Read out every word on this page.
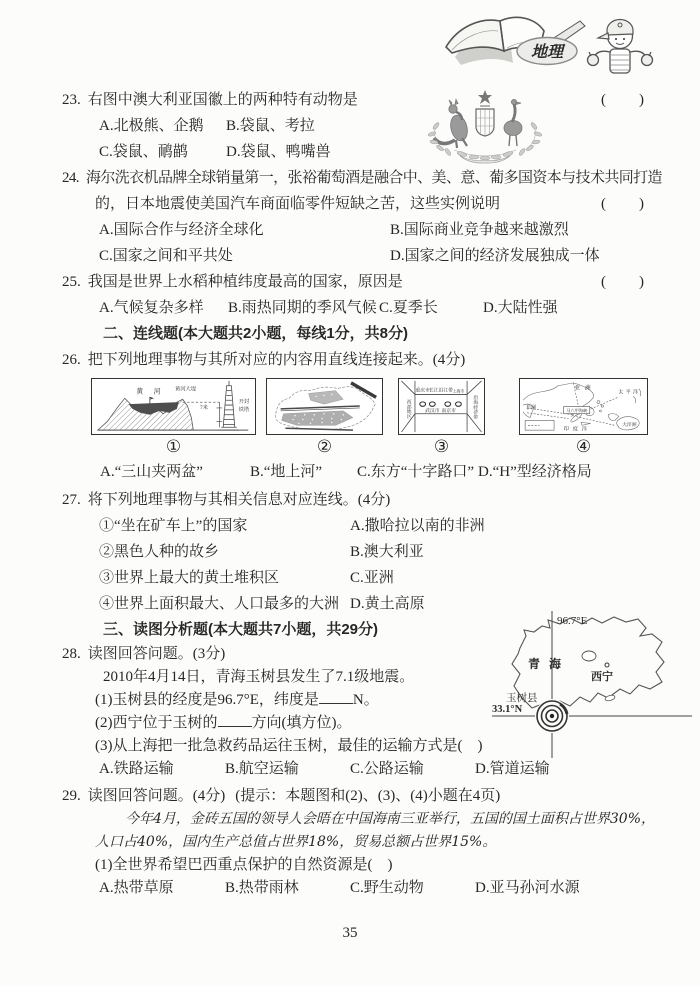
地理
23. 右图中澳大利亚国徽上的两种特有动物是	(　　)
A.北极熊、企鹅 B.袋鼠、考拉
C.袋鼠、鸸鹋	D.袋鼠、鸭嘴兽
24. 海尔洗衣机品牌全球销量第一，张裕葡萄酒是融合中、美、意、葡多国资本与技术共同打造
的，日本地震使美国汽车商面临零件短缺之苦，这些实例说明	(　　)
A.国际合作与经济全球化	B.国际商业竞争越来越激烈
C.国家之间和平共处	D.国家之间的经济发展独成一体
25. 我国是世界上水稻种植纬度最高的国家，原因是	(　　)
A.气候复杂多样 B.雨热同期的季风气候 C.夏季长	D.大陆性强
二、连线题(本大题共2小题，每线1分，共8分)
26. 把下列地理事物与其所对应的内容用直线连接起来。(4分)
黄 河	黄河大堤
7米
开封
铁塔
重庆市 长江沿江带 上海市
武汉市 南京市
西部地区	沿海经济带	马六甲海峡
亚洲
太平洋
非洲
印度洋
大洋洲
①	②	③	④
A.“三山夹两盆”	B.“地上河” C.东方“十字路口” D.“H”型经济格局
27. 将下列地理事物与其相关信息对应连线。(4分)
①“坐在矿车上”的国家	A.撒哈拉以南的非洲
②黑色人种的故乡	B.澳大利亚
③世界上最大的黄土堆积区	C.亚洲
④世界上面积最大、人口最多的大洲 D.黄土高原
三、读图分析题(本大题共7小题，共29分)
28. 读图回答问题。(3分)
2010年4月14日，青海玉树县发生了7.1级地震。
(1)玉树县的经度是96.7°E，纬度是 N。
(2)西宁位于玉树的 方向(填方位)。
(3)从上海把一批急救药品运往玉树，最佳的运输方式是(　)
A.铁路运输	B.航空运输	C.公路运输	D.管道运输
96.7°E
青海
西宁
玉树县
33.1°N
29. 读图回答问题。(4分) (提示：本题图和(2)、(3)、(4)小题在4页)
今年4月，金砖五国的领导人会晤在中国海南三亚举行，五国的国土面积占世界30%，
人口占40%，国内生产总值占世界18%，贸易总额占世界15%。
(1)全世界希望巴西重点保护的自然资源是(　)
A.热带草原	B.热带雨林	C.野生动物	D.亚马孙河水源
35
